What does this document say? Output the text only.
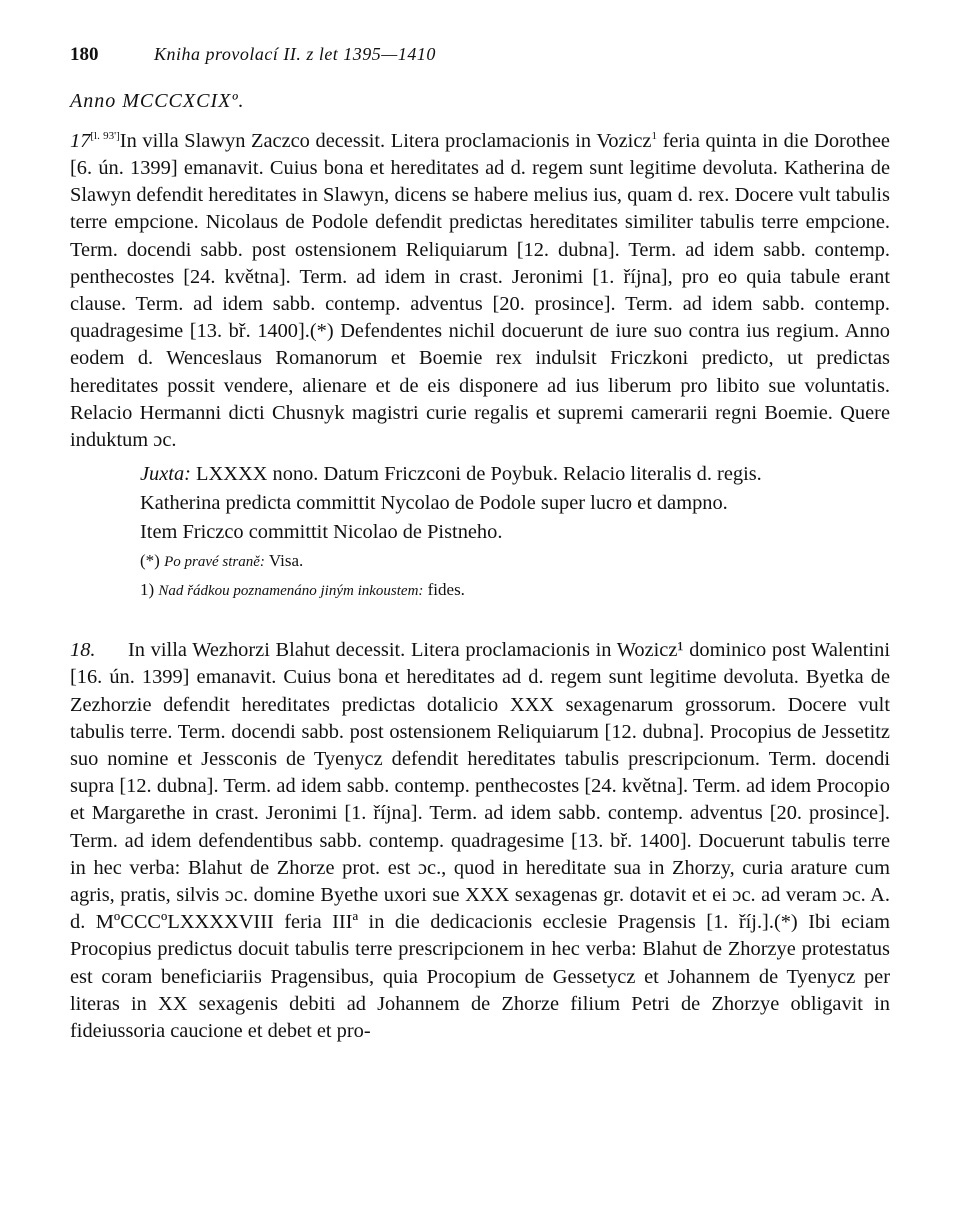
180	Kniha provolací II. z let 1395—1410
Anno MCCCXCIXº.

17[l. 93']In villa Slawyn Zaczco decessit. Litera proclamacionis in Vozicz$^1$ feria quinta in die Dorothee [6. ún. 1399] emanavit. Cuius bona et hereditates ad d. regem sunt legitime devoluta. Katherina de Slawyn defendit hereditates in Slawyn, dicens se habere melius ius, quam d. rex. Docere vult tabulis terre empcione. Nicolaus de Podole defendit predictas hereditates similiter tabulis terre empcione. Term. docendi sabb. post ostensionem Reliquiarum [12. dubna]. Term. ad idem sabb. contemp. penthecostes [24. května]. Term. ad idem in crast. Jeronimi [1. října], pro eo quia tabule erant clause. Term. ad idem sabb. contemp. adventus [20. prosince]. Term. ad idem sabb. contemp. quadragesime [13. bř. 1400].(*) Defendentes nichil docuerunt de iure suo contra ius regium. Anno eodem d. Wenceslaus Romanorum et Boemie rex indulsit Friczkoni predicto, ut predictas hereditates possit vendere, alienare et de eis disponere ad ius liberum pro libito sue voluntatis. Relacio Hermanni dicti Chusnyk magistri curie regalis et supremi camerarii regni Boemie. Quere induktum ɔc.

Juxta: LXXXX nono. Datum Friczconi de Poybuk. Relacio literalis d. regis.

Katherina predicta committit Nycolao de Podole super lucro et dampno.

Item Friczco committit Nicolao de Pistneho.

(*) Po pravé straně: Visa.

1) Nad řádkou poznamenáno jiným inkoustem: fides.

18. In villa Wezhorzi Blahut decessit. Litera proclamacionis in Wozicz¹ dominico post Walentini [16. ún. 1399] emanavit. Cuius bona et hereditates ad d. regem sunt legitime devoluta. Byetka de Zezhorzie defendit hereditates predictas dotalicio XXX sexagenarum grossorum. Docere vult tabulis terre. Term. docendi sabb. post ostensionem Reliquiarum [12. dubna]. Procopius de Jessetitz suo nomine et Jessconis de Tyenycz defendit hereditates tabulis prescripcionum. Term. docendi supra [12. dubna]. Term. ad idem sabb. contemp. penthecostes [24. května]. Term. ad idem Procopio et Margarethe in crast. Jeronimi [1. října]. Term. ad idem sabb. contemp. adventus [20. prosince]. Term. ad idem defendentibus sabb. contemp. quadragesime [13. bř. 1400]. Docuerunt tabulis terre in hec verba: Blahut de Zhorze prot. est ɔc., quod in hereditate sua in Zhorzy, curia arature cum agris, pratis, silvis ɔc. domine Byethe uxori sue XXX sexagenas gr. dotavit et ei ɔc. ad veram ɔc. A. d. MºCCCºLXXXXVIII feria IIIª in die dedicacionis ecclesie Pragensis [1. říj.].(*) Ibi eciam Procopius predictus docuit tabulis terre prescripcionem in hec verba: Blahut de Zhorzye protestatus est coram beneficiariis Pragensibus, quia Procopium de Gessetycz et Johannem de Tyenycz per literas in XX sexagenis debiti ad Johannem de Zhorze filium Petri de Zhorzye obligavit in fideiussoria caucione et debet et pro-
